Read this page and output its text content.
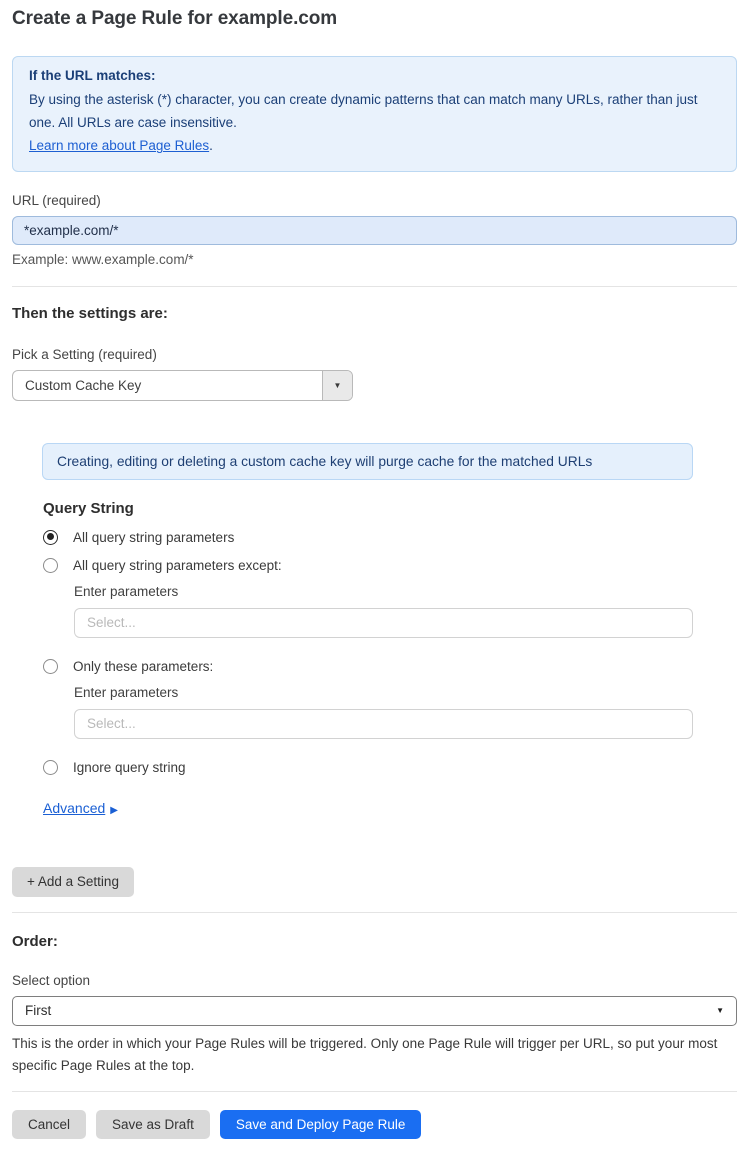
Create a Page Rule for example.com
If the URL matches:

By using the asterisk (*) character, you can create dynamic patterns that can match many URLs, rather than just one. All URLs are case insensitive.
Learn more about Page Rules.

URL (required)
*example.com/*

Example: www.example.com/*

Then the settings are:
Pick a Setting (required)
Custom Cache Key	▼
Creating, editing or deleting a custom cache key will purge cache for the matched URLs
Query String
All query string parameters
All query string parameters except:
Enter parameters
Select...
Only these parameters:
Enter parameters
Select...
Ignore query string
Advanced ▶
+ Add a Setting
Order:
Select option
First	▼

This is the order in which your Page Rules will be triggered. Only one Page Rule will trigger per URL, so put your most specific Page Rules at the top.

Cancel	Save as Draft	Save and Deploy Page Rule
